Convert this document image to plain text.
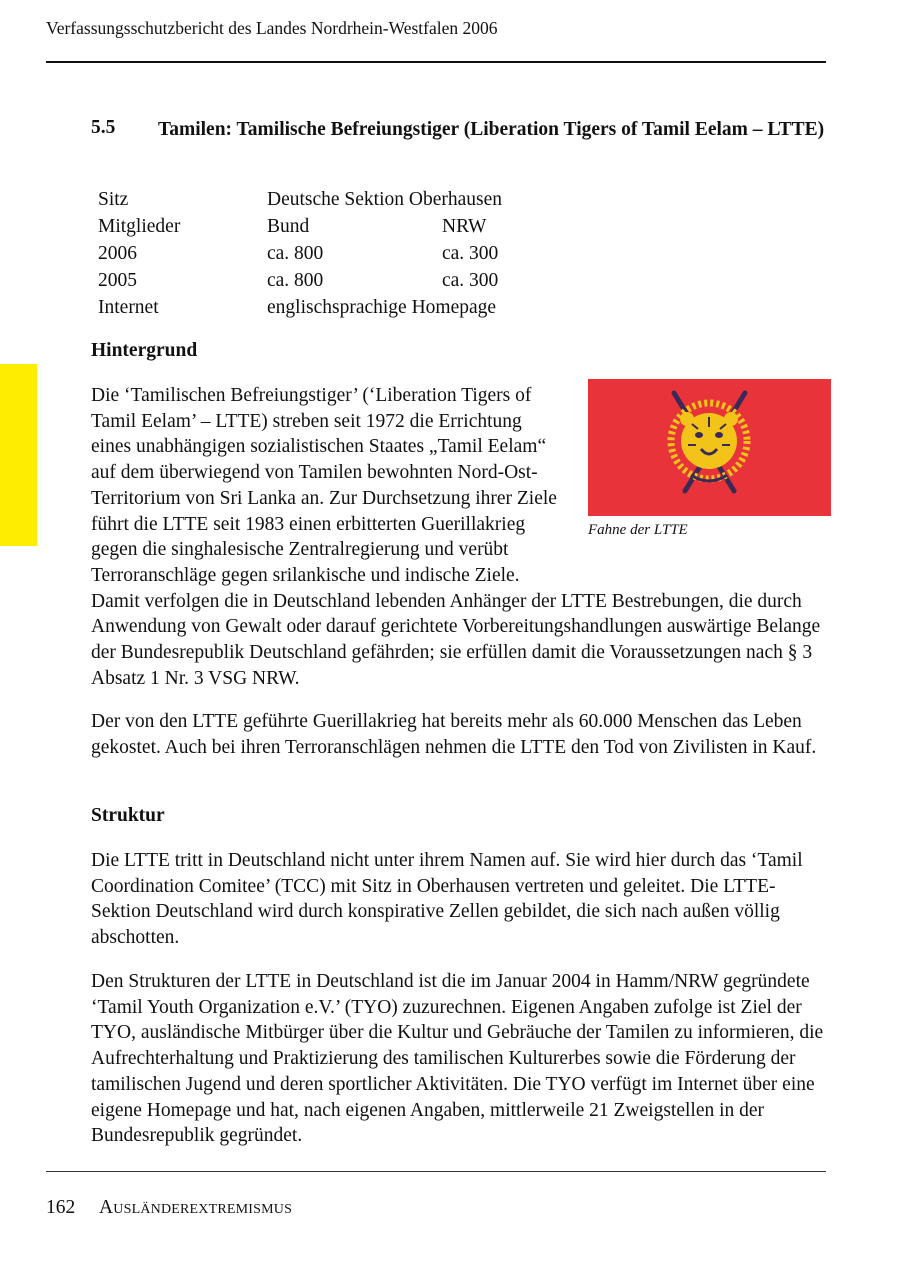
Verfassungsschutzbericht des Landes Nordrhein-Westfalen 2006
5.5 Tamilen: Tamilische Befreiungstiger (Liberation Tigers of Tamil Eelam – LTTE)
Sitz	Deutsche Sektion Oberhausen	
Mitglieder	Bund	NRW
2006	ca. 800	ca. 300
2005	ca. 800	ca. 300
Internet	englischsprachige Homepage	
Hintergrund
Fahne der LTTE

Die ‘Tamilischen Befreiungstiger’ (‘Liberation Tigers of Tamil Eelam’ – LTTE) streben seit 1972 die Errichtung eines unabhängigen sozialistischen Staates „Tamil Eelam“ auf dem überwiegend von Tamilen bewohnten Nord-Ost-Territorium von Sri Lanka an. Zur Durchsetzung ihrer Ziele führt die LTTE seit 1983 einen erbitterten Guerillakrieg gegen die singhalesische Zentralregierung und verübt Terroranschläge gegen srilankische und indische Ziele. Damit verfolgen die in Deutschland lebenden Anhänger der LTTE Bestrebungen, die durch Anwendung von Gewalt oder darauf gerichtete Vorbereitungshandlungen auswärtige Belange der Bundesrepublik Deutschland gefährden; sie erfüllen damit die Voraussetzungen nach § 3 Absatz 1 Nr. 3 VSG NRW.

Der von den LTTE geführte Guerillakrieg hat bereits mehr als 60.000 Menschen das Leben gekostet. Auch bei ihren Terroranschlägen nehmen die LTTE den Tod von Zivilisten in Kauf.
Struktur
Die LTTE tritt in Deutschland nicht unter ihrem Namen auf. Sie wird hier durch das ‘Tamil Coordination Comitee’ (TCC) mit Sitz in Oberhausen vertreten und geleitet. Die LTTE-Sektion Deutschland wird durch konspirative Zellen gebildet, die sich nach außen völlig abschotten.
Den Strukturen der LTTE in Deutschland ist die im Januar 2004 in Hamm/NRW gegründete ‘Tamil Youth Organization e.V.’ (TYO) zuzurechnen. Eigenen Angaben zufolge ist Ziel der TYO, ausländische Mitbürger über die Kultur und Gebräuche der Tamilen zu informieren, die Aufrechterhaltung und Praktizierung des tamilischen Kulturerbes sowie die Förderung der tamilischen Jugend und deren sportlicher Aktivitäten. Die TYO verfügt im Internet über eine eigene Homepage und hat, nach eigenen Angaben, mittlerweile 21 Zweigstellen in der Bundesrepublik gegründet.
162 Ausländerextremismus
